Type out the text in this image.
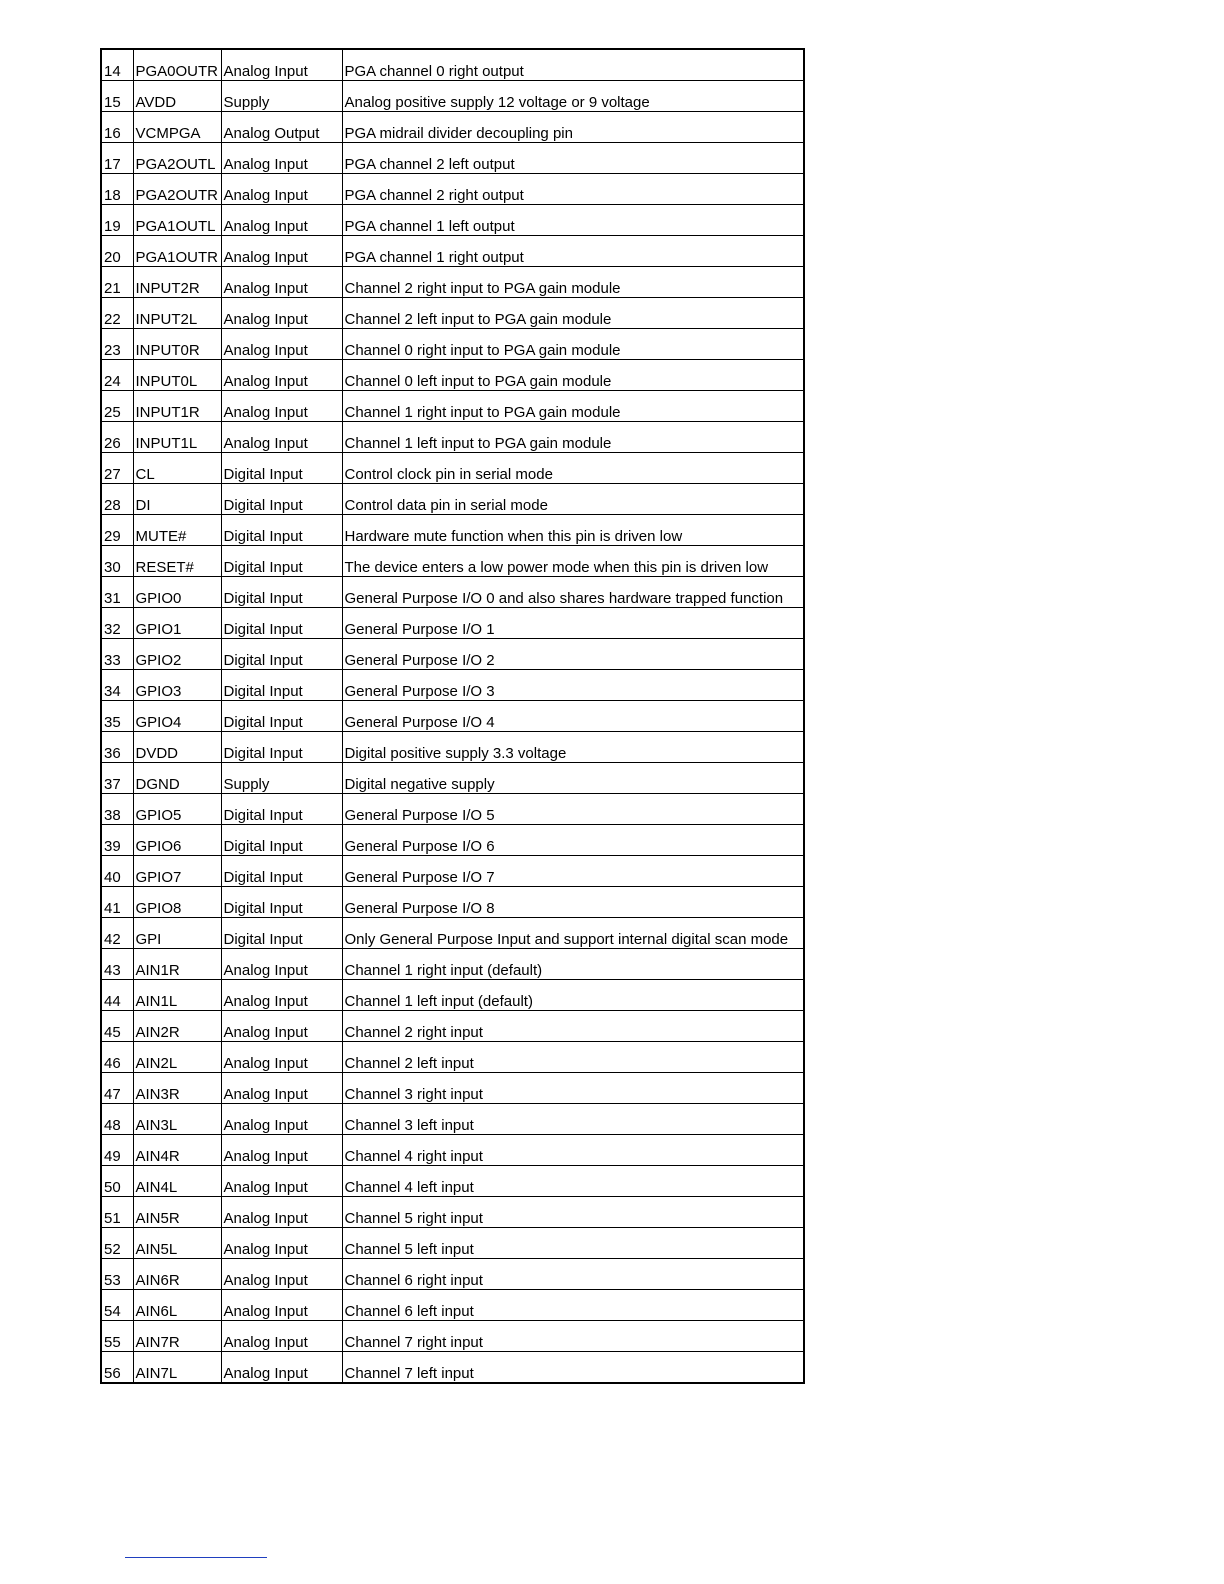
14	PGA0OUTR	Analog Input	PGA channel 0 right output
15	AVDD	Supply	Analog positive supply 12 voltage or 9 voltage
16	VCMPGA	Analog Output	PGA midrail divider decoupling pin
17	PGA2OUTL	Analog Input	PGA channel 2 left output
18	PGA2OUTR	Analog Input	PGA channel 2 right output
19	PGA1OUTL	Analog Input	PGA channel 1 left output
20	PGA1OUTR	Analog Input	PGA channel 1 right output
21	INPUT2R	Analog Input	Channel 2 right input to PGA gain module
22	INPUT2L	Analog Input	Channel 2 left input to PGA gain module
23	INPUT0R	Analog Input	Channel 0 right input to PGA gain module
24	INPUT0L	Analog Input	Channel 0 left input to PGA gain module
25	INPUT1R	Analog Input	Channel 1 right input to PGA gain module
26	INPUT1L	Analog Input	Channel 1 left input to PGA gain module
27	CL	Digital Input	Control clock pin in serial mode
28	DI	Digital Input	Control data pin in serial mode
29	MUTE#	Digital Input	Hardware mute function when this pin is driven low
30	RESET#	Digital Input	The device enters a low power mode when this pin is driven low
31	GPIO0	Digital Input	General Purpose I/O 0 and also shares hardware trapped function
32	GPIO1	Digital Input	General Purpose I/O 1
33	GPIO2	Digital Input	General Purpose I/O 2
34	GPIO3	Digital Input	General Purpose I/O 3
35	GPIO4	Digital Input	General Purpose I/O 4
36	DVDD	Digital Input	Digital positive supply 3.3 voltage
37	DGND	Supply	Digital negative supply
38	GPIO5	Digital Input	General Purpose I/O 5
39	GPIO6	Digital Input	General Purpose I/O 6
40	GPIO7	Digital Input	General Purpose I/O 7
41	GPIO8	Digital Input	General Purpose I/O 8
42	GPI	Digital Input	Only General Purpose Input and support internal digital scan mode
43	AIN1R	Analog Input	Channel 1 right input (default)
44	AIN1L	Analog Input	Channel 1 left input (default)
45	AIN2R	Analog Input	Channel 2 right input
46	AIN2L	Analog Input	Channel 2 left input
47	AIN3R	Analog Input	Channel 3 right input
48	AIN3L	Analog Input	Channel 3 left input
49	AIN4R	Analog Input	Channel 4 right input
50	AIN4L	Analog Input	Channel 4 left input
51	AIN5R	Analog Input	Channel 5 right input
52	AIN5L	Analog Input	Channel 5 left input
53	AIN6R	Analog Input	Channel 6 right input
54	AIN6L	Analog Input	Channel 6 left input
55	AIN7R	Analog Input	Channel 7 right input
56	AIN7L	Analog Input	Channel 7 left input
